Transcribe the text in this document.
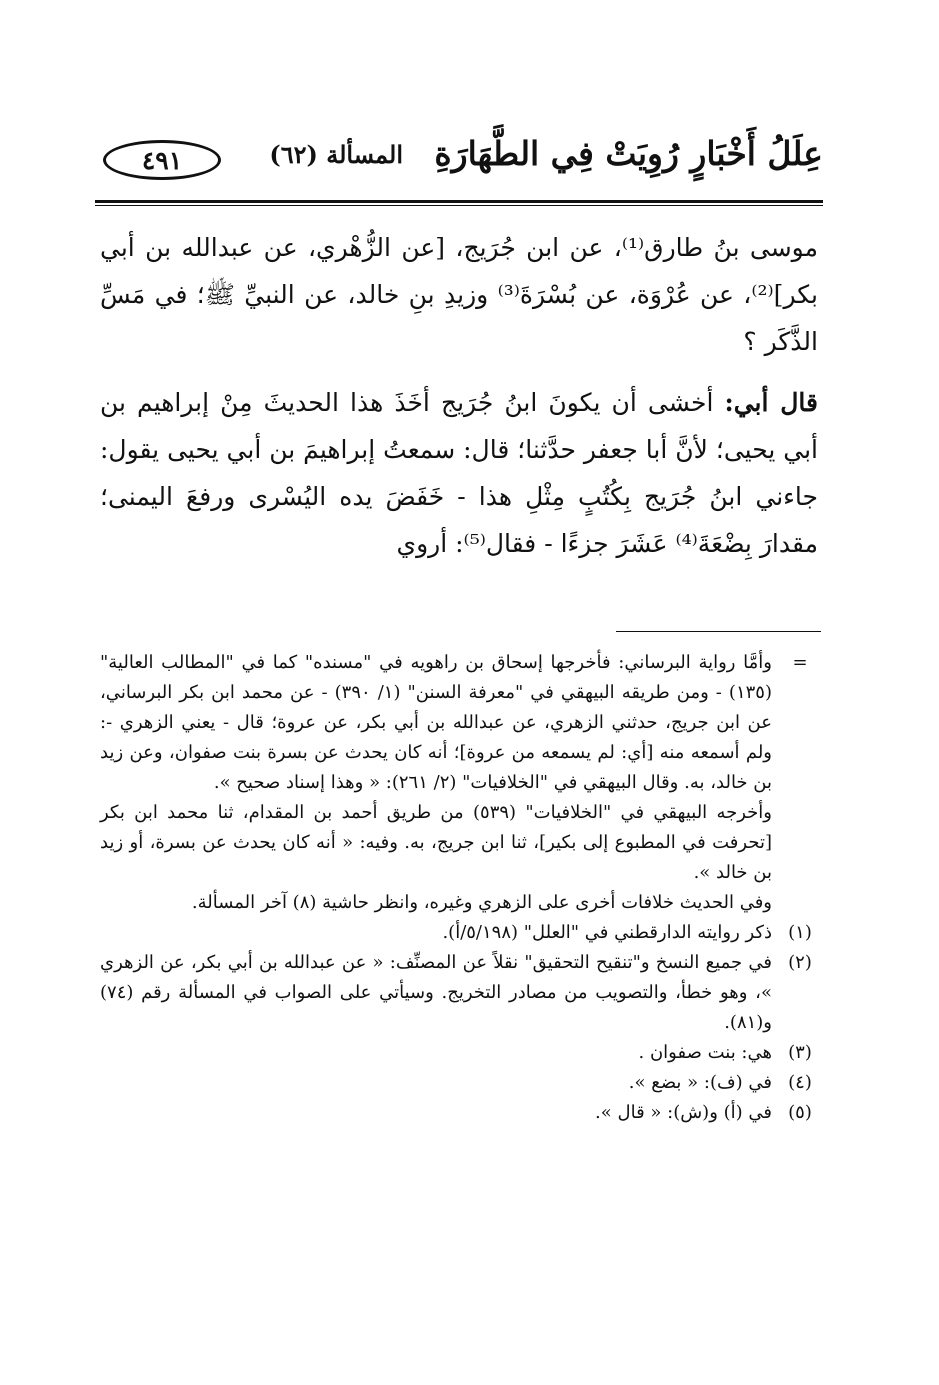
عِلَلُ أَخْبَارٍ رُوِيَتْ فِي الطَّهَارَةِ
المسألة (٦٢)
٤٩١

موسى بنُ طارق⁽¹⁾، عن ابن جُرَيج، [عن الزُّهْري، عن عبدالله بن أبي بكر]⁽²⁾، عن عُرْوَة، عن بُسْرَةَ⁽³⁾ وزيدِ بنِ خالد، عن النبيِّ ﷺ؛ في مَسِّ الذَّكَر ؟

قال أبي: أخشى أن يكونَ ابنُ جُرَيج أخَذَ هذا الحديثَ مِنْ إبراهيم بن أبي يحيى؛ لأنَّ أبا جعفر حدَّثنا؛ قال: سمعتُ إبراهيمَ بن أبي يحيى يقول: جاءني ابنُ جُرَيج بِكُتُبٍ مِثْلِ هذا - خَفَضَ يده اليُسْرى ورفعَ اليمنى؛ مقدارَ بِضْعَةَ⁽⁴⁾ عَشَرَ جزءًا - فقال⁽⁵⁾: أروي

=
وأمَّا رواية البرساني: فأخرجها إسحاق بن راهويه في "مسنده" كما في "المطالب العالية" (١٣٥) - ومن طريقه البيهقي في "معرفة السنن" (١/ ٣٩٠) - عن محمد ابن بكر البرساني، عن ابن جريج، حدثني الزهري، عن عبدالله بن أبي بكر، عن عروة؛ قال - يعني الزهري -: ولم أسمعه منه [أي: لم يسمعه من عروة]؛ أنه كان يحدث عن بسرة بنت صفوان، وعن زيد بن خالد، به. وقال البيهقي في "الخلافيات" (٢/ ٢٦١): « وهذا إسناد صحيح ».
وأخرجه البيهقي في "الخلافيات" (٥٣٩) من طريق أحمد بن المقدام، ثنا محمد ابن بكر [تحرفت في المطبوع إلى بكير]، ثنا ابن جريج، به. وفيه: « أنه كان يحدث عن بسرة، أو زيد بن خالد ».
وفي الحديث خلافات أخرى على الزهري وغيره، وانظر حاشية (٨) آخر المسألة.
(١)
ذكر روايته الدارقطني في "العلل" (٥/١٩٨/أ).
(٢)
في جميع النسخ و"تنقيح التحقيق" نقلاً عن المصنِّف: « عن عبدالله بن أبي بكر، عن الزهري »، وهو خطأ، والتصويب من مصادر التخريج. وسيأتي على الصواب في المسألة رقم (٧٤) و(٨١).
(٣)
هي: بنت صفوان .
(٤)
في (ف): « بضع ».
(٥)
في (أ) و(ش): « قال ».
